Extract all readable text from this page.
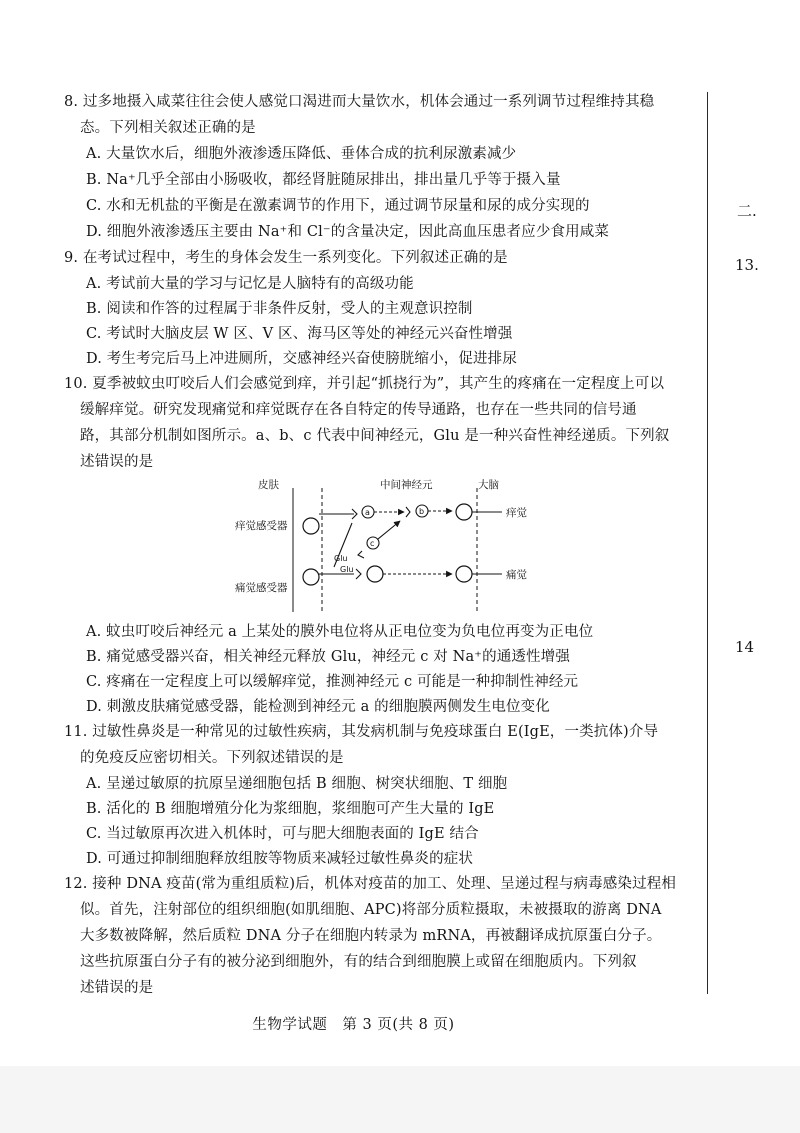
二.
13.
14
8. 过多地摄入咸菜往往会使人感觉口渴进而大量饮水，机体会通过一系列调节过程维持其稳
态。下列相关叙述正确的是
A. 大量饮水后，细胞外液渗透压降低、垂体合成的抗利尿激素减少
B. Na⁺几乎全部由小肠吸收，都经肾脏随尿排出，排出量几乎等于摄入量
C. 水和无机盐的平衡是在激素调节的作用下，通过调节尿量和尿的成分实现的
D. 细胞外液渗透压主要由 Na⁺和 Cl⁻的含量决定，因此高血压患者应少食用咸菜
9. 在考试过程中，考生的身体会发生一系列变化。下列叙述正确的是
A. 考试前大量的学习与记忆是人脑特有的高级功能
B. 阅读和作答的过程属于非条件反射，受人的主观意识控制
C. 考试时大脑皮层 W 区、V 区、海马区等处的神经元兴奋性增强
D. 考生考完后马上冲进厕所，交感神经兴奋使膀胱缩小，促进排尿
10. 夏季被蚊虫叮咬后人们会感觉到痒，并引起“抓挠行为”，其产生的疼痛在一定程度上可以
缓解痒觉。研究发现痛觉和痒觉既存在各自特定的传导通路，也存在一些共同的信号通
路，其部分机制如图所示。a、b、c 代表中间神经元，Glu 是一种兴奋性神经递质。下列叙
述错误的是
皮肤	中间神经元	大脑
痒觉感受器
痛觉感受器
a	b	痒觉
c
Glu
Glu	痛觉
A. 蚊虫叮咬后神经元 a 上某处的膜外电位将从正电位变为负电位再变为正电位
B. 痛觉感受器兴奋，相关神经元释放 Glu，神经元 c 对 Na⁺的通透性增强
C. 疼痛在一定程度上可以缓解痒觉，推测神经元 c 可能是一种抑制性神经元
D. 刺激皮肤痛觉感受器，能检测到神经元 a 的细胞膜两侧发生电位变化
11. 过敏性鼻炎是一种常见的过敏性疾病，其发病机制与免疫球蛋白 E(IgE，一类抗体)介导
的免疫反应密切相关。下列叙述错误的是
A. 呈递过敏原的抗原呈递细胞包括 B 细胞、树突状细胞、T 细胞
B. 活化的 B 细胞增殖分化为浆细胞，浆细胞可产生大量的 IgE
C. 当过敏原再次进入机体时，可与肥大细胞表面的 IgE 结合
D. 可通过抑制细胞释放组胺等物质来减轻过敏性鼻炎的症状
12. 接种 DNA 疫苗(常为重组质粒)后，机体对疫苗的加工、处理、呈递过程与病毒感染过程相
似。首先，注射部位的组织细胞(如肌细胞、APC)将部分质粒摄取，未被摄取的游离 DNA
大多数被降解，然后质粒 DNA 分子在细胞内转录为 mRNA，再被翻译成抗原蛋白分子。
这些抗原蛋白分子有的被分泌到细胞外，有的结合到细胞膜上或留在细胞质内。下列叙
述错误的是
生物学试题　第 3 页(共 8 页)
